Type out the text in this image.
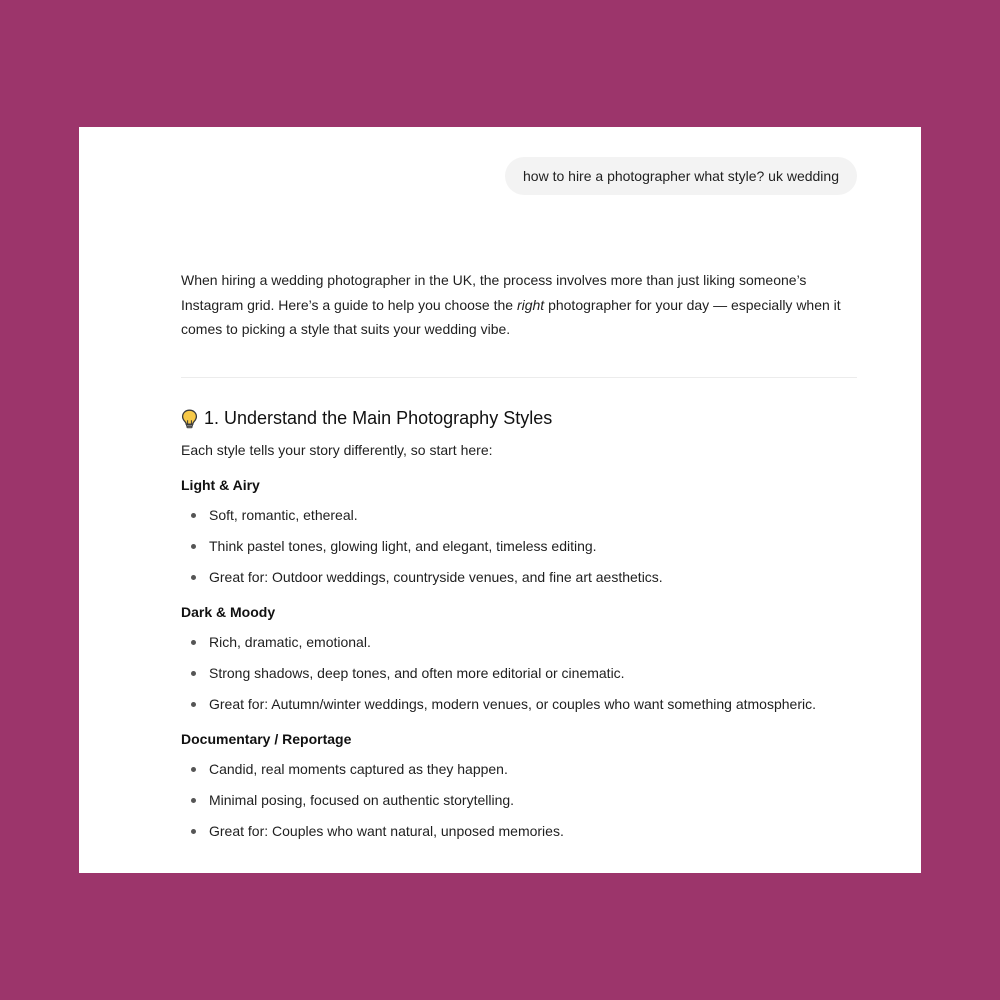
how to hire a photographer what style? uk wedding

When hiring a wedding photographer in the UK, the process involves more than just liking someone’s Instagram grid. Here’s a guide to help you choose the right photographer for your day — especially when it comes to picking a style that suits your wedding vibe.

1. Understand the Main Photography Styles

Each style tells your story differently, so start here:

Light & Airy

Soft, romantic, ethereal.
Think pastel tones, glowing light, and elegant, timeless editing.
Great for: Outdoor weddings, countryside venues, and fine art aesthetics.

Dark & Moody

Rich, dramatic, emotional.
Strong shadows, deep tones, and often more editorial or cinematic.
Great for: Autumn/winter weddings, modern venues, or couples who want something atmospheric.

Documentary / Reportage

Candid, real moments captured as they happen.
Minimal posing, focused on authentic storytelling.
Great for: Couples who want natural, unposed memories.
